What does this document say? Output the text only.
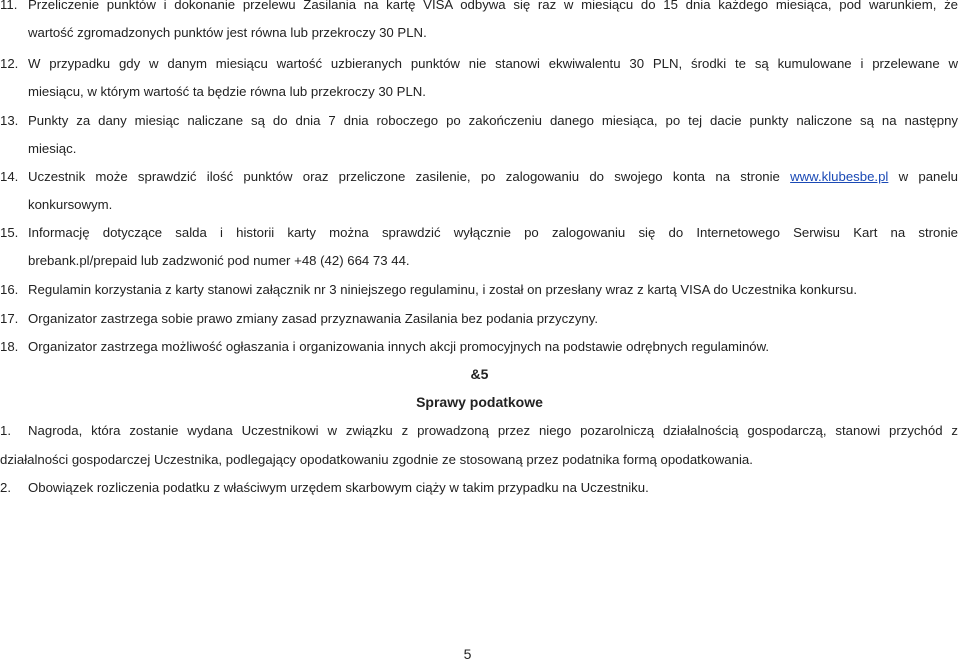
11. Przeliczenie punktów i dokonanie przelewu Zasilania na kartę VISA odbywa się raz w miesiącu do 15 dnia każdego miesiąca, pod warunkiem, że
wartość zgromadzonych punktów jest równa lub przekroczy 30 PLN.
12. W przypadku gdy w danym miesiącu wartość uzbieranych punktów nie stanowi ekwiwalentu 30 PLN, środki te są kumulowane i przelewane w
miesiącu, w którym wartość ta będzie równa lub przekroczy 30 PLN.
13. Punkty za dany miesiąc naliczane są do dnia 7 dnia roboczego po zakończeniu danego miesiąca, po tej dacie punkty naliczone są na następny
miesiąc.
14. Uczestnik może sprawdzić ilość punktów oraz przeliczone zasilenie, po zalogowaniu do swojego konta na stronie www.klubesbe.pl w panelu
konkursowym.
15. Informację dotyczące salda i historii karty można sprawdzić wyłącznie po zalogowaniu się do Internetowego Serwisu Kart na stronie
brebank.pl/prepaid lub zadzwonić pod numer +48 (42) 664 73 44.
16. Regulamin korzystania z karty stanowi załącznik nr 3 niniejszego regulaminu, i został on przesłany wraz z kartą VISA do Uczestnika konkursu.
17. Organizator zastrzega sobie prawo zmiany zasad przyznawania Zasilania bez podania przyczyny.
18. Organizator zastrzega możliwość ogłaszania i organizowania innych akcji promocyjnych na podstawie odrębnych regulaminów.
&5
Sprawy podatkowe
1. Nagroda, która zostanie wydana Uczestnikowi w związku z prowadzoną przez niego pozarolniczą działalnością gospodarczą, stanowi przychód z
działalności gospodarczej Uczestnika, podlegający opodatkowaniu zgodnie ze stosowaną przez podatnika formą opodatkowania.
2. Obowiązek rozliczenia podatku z właściwym urzędem skarbowym ciąży w takim przypadku na Uczestniku.
5
